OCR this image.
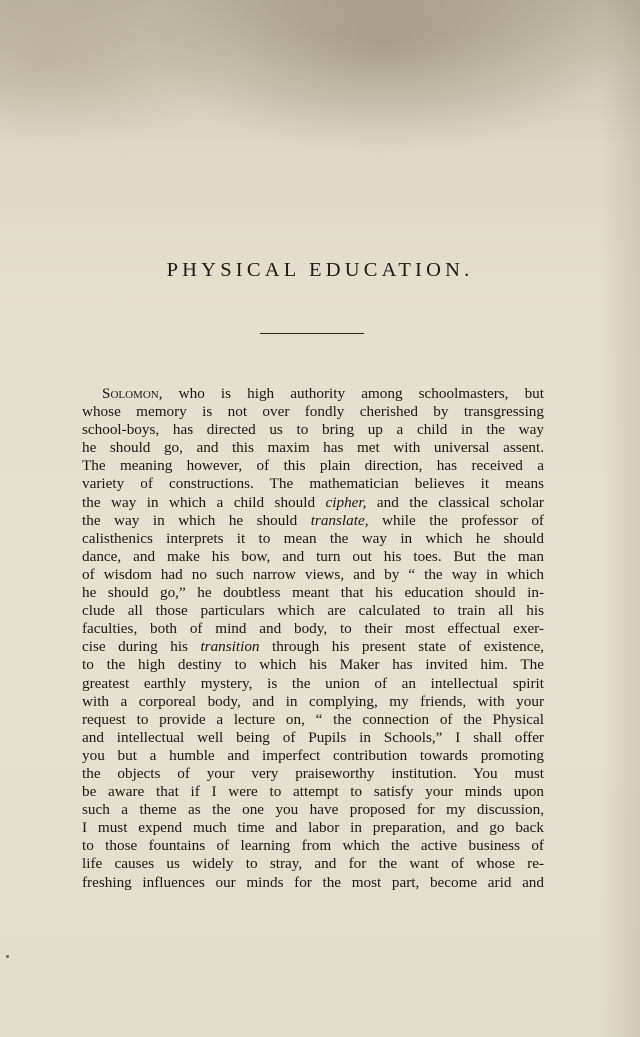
PHYSICAL EDUCATION.
Solomon, who is high authority among schoolmasters, but
whose memory is not over fondly cherished by transgressing
school-boys, has directed us to bring up a child in the way
he should go, and this maxim has met with universal assent.
The meaning however, of this plain direction, has received a
variety of constructions. The mathematician believes it means
the way in which a child should cipher, and the classical scholar
the way in which he should translate, while the professor of
calisthenics interprets it to mean the way in which he should
dance, and make his bow, and turn out his toes. But the man
of wisdom had no such narrow views, and by “ the way in which
he should go,” he doubtless meant that his education should in-
clude all those particulars which are calculated to train all his
faculties, both of mind and body, to their most effectual exer-
cise during his transition through his present state of existence,
to the high destiny to which his Maker has invited him. The
greatest earthly mystery, is the union of an intellectual spirit
with a corporeal body, and in complying, my friends, with your
request to provide a lecture on, “ the connection of the Physical
and intellectual well being of Pupils in Schools,” I shall offer
you but a humble and imperfect contribution towards promoting
the objects of your very praiseworthy institution. You must
be aware that if I were to attempt to satisfy your minds upon
such a theme as the one you have proposed for my discussion,
I must expend much time and labor in preparation, and go back
to those fountains of learning from which the active business of
life causes us widely to stray, and for the want of whose re-
freshing influences our minds for the most part, become arid and
